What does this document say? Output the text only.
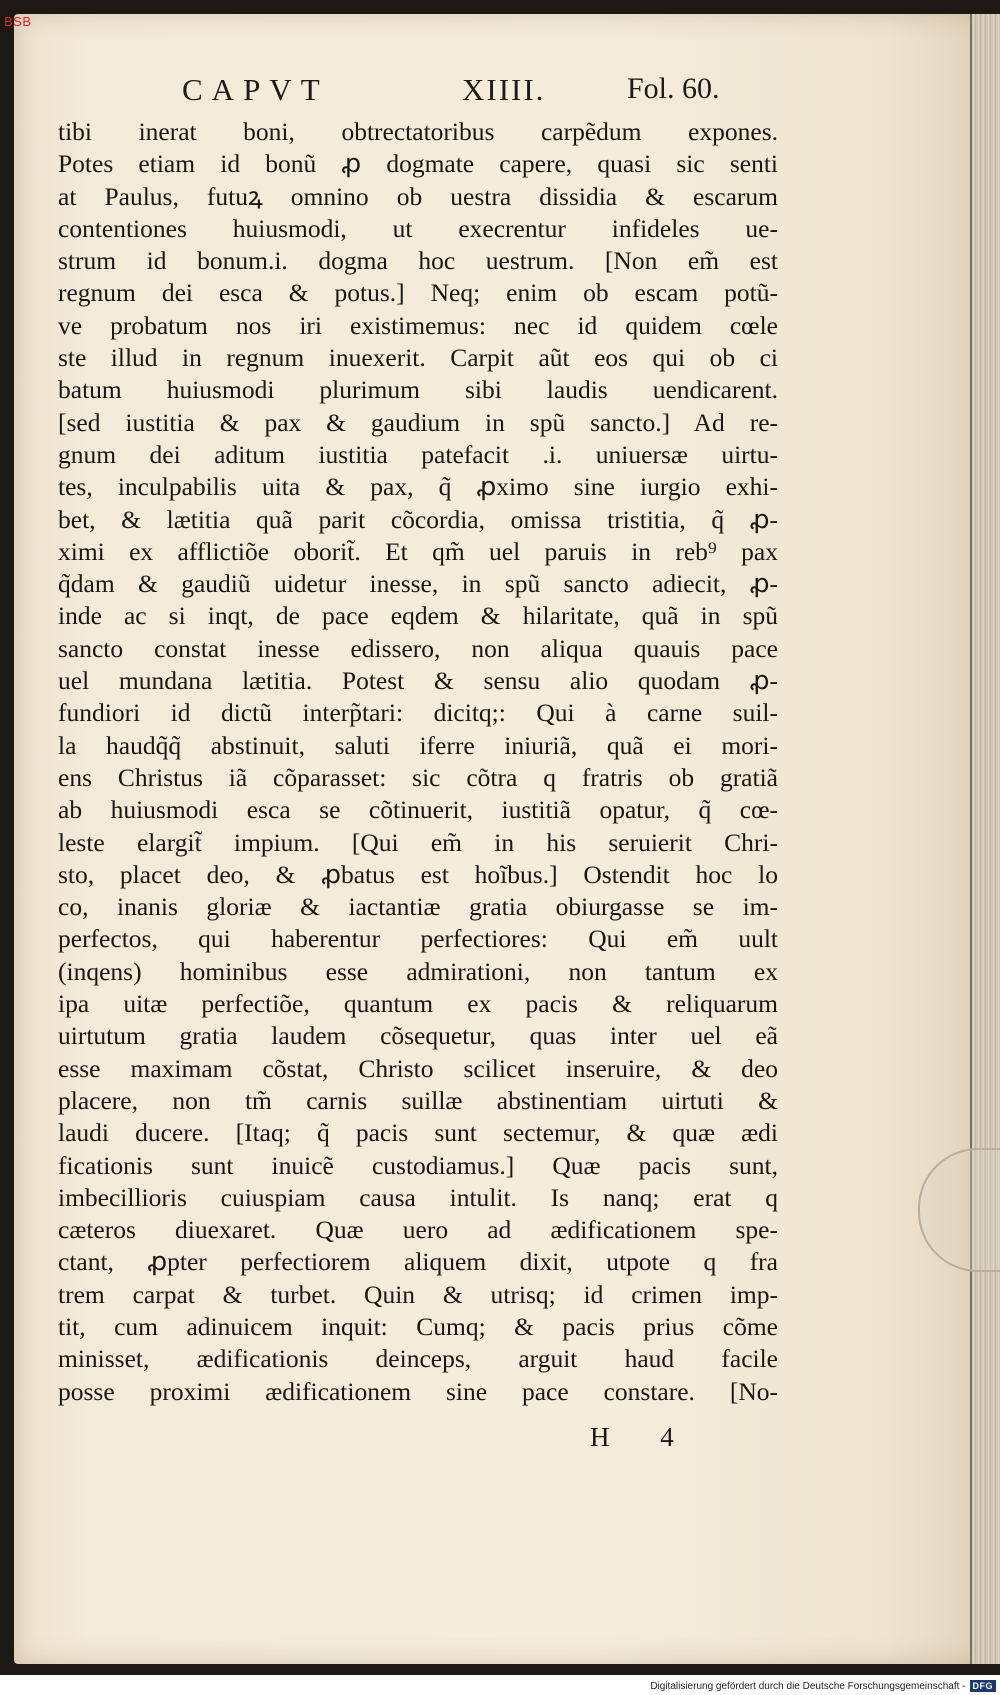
BSB
CAPVT	XIIII.	Fol. 60.
tibi inerat boni, obtrectatoribus carpẽdum expones.
Potes etiam id bonũ ꝓ dogmate capere, quasi sic senti
at Paulus, futuꝝ omnino ob uestra dissidia & escarum
contentiones huiusmodi, ut execrentur infideles ue-
strum id bonum.i. dogma hoc uestrum. [Non em̃ est
regnum dei esca & potus.] Neq; enim ob escam potũ-
ve probatum nos iri existimemus: nec id quidem cœle
ste illud in regnum inuexerit. Carpit aũt eos qui ob ci
batum huiusmodi plurimum sibi laudis uendicarent.
[sed iustitia & pax & gaudium in spũ sancto.] Ad re-
gnum dei aditum iustitia patefacit .i. uniuersæ uirtu-
tes, inculpabilis uita & pax, q̃ ꝓximo sine iurgio exhi-
bet, & lætitia quã parit cõcordia, omissa tristitia, q̃ ꝓ-
ximi ex afflictiõe oborit̃. Et qm̃ uel paruis in reb⁹ pax
q̃dam & gaudiũ uidetur inesse, in spũ sancto adiecit, ꝓ-
inde ac si inqt, de pace eqdem & hilaritate, quã in spũ
sancto constat inesse edissero, non aliqua quauis pace
uel mundana lætitia. Potest & sensu alio quodam ꝓ-
fundiori id dictũ interp̃tari: dicitq;: Qui à carne suil-
la haudq̃q̃ abstinuit, saluti iferre iniuriã, quã ei mori-
ens Christus iã cõparasset: sic cõtra q fratris ob gratiã
ab huiusmodi esca se cõtinuerit, iustitiã opatur, q̃ cœ-
leste elargit̃ impium. [Qui em̃ in his seruierit Chri-
sto, placet deo, & ꝓbatus est hoĩbus.] Ostendit hoc lo
co, inanis gloriæ & iactantiæ gratia obiurgasse se im-
perfectos, qui haberentur perfectiores: Qui em̃ uult
(inqens) hominibus esse admirationi, non tantum ex
ipa uitæ perfectiõe, quantum ex pacis & reliquarum
uirtutum gratia laudem cõsequetur, quas inter uel eã
esse maximam cõstat, Christo scilicet inseruire, & deo
placere, non tm̃ carnis suillæ abstinentiam uirtuti &
laudi ducere. [Itaq; q̃ pacis sunt sectemur, & quæ ædi
ficationis sunt inuicẽ custodiamus.] Quæ pacis sunt,
imbecillioris cuiuspiam causa intulit. Is nanq; erat q
cæteros diuexaret. Quæ uero ad ædificationem spe-
ctant, ꝓpter perfectiorem aliquem dixit, utpote q fra
trem carpat & turbet. Quin & utrisq; id crimen imp-
tit, cum adinuicem inquit: Cumq; & pacis prius cõme
minisset, ædificationis deinceps, arguit haud facile
posse proximi ædificationem sine pace constare. [No-
H 4
Digitalisierung gefördert durch die Deutsche Forschungsgemeinschaft - DFG
